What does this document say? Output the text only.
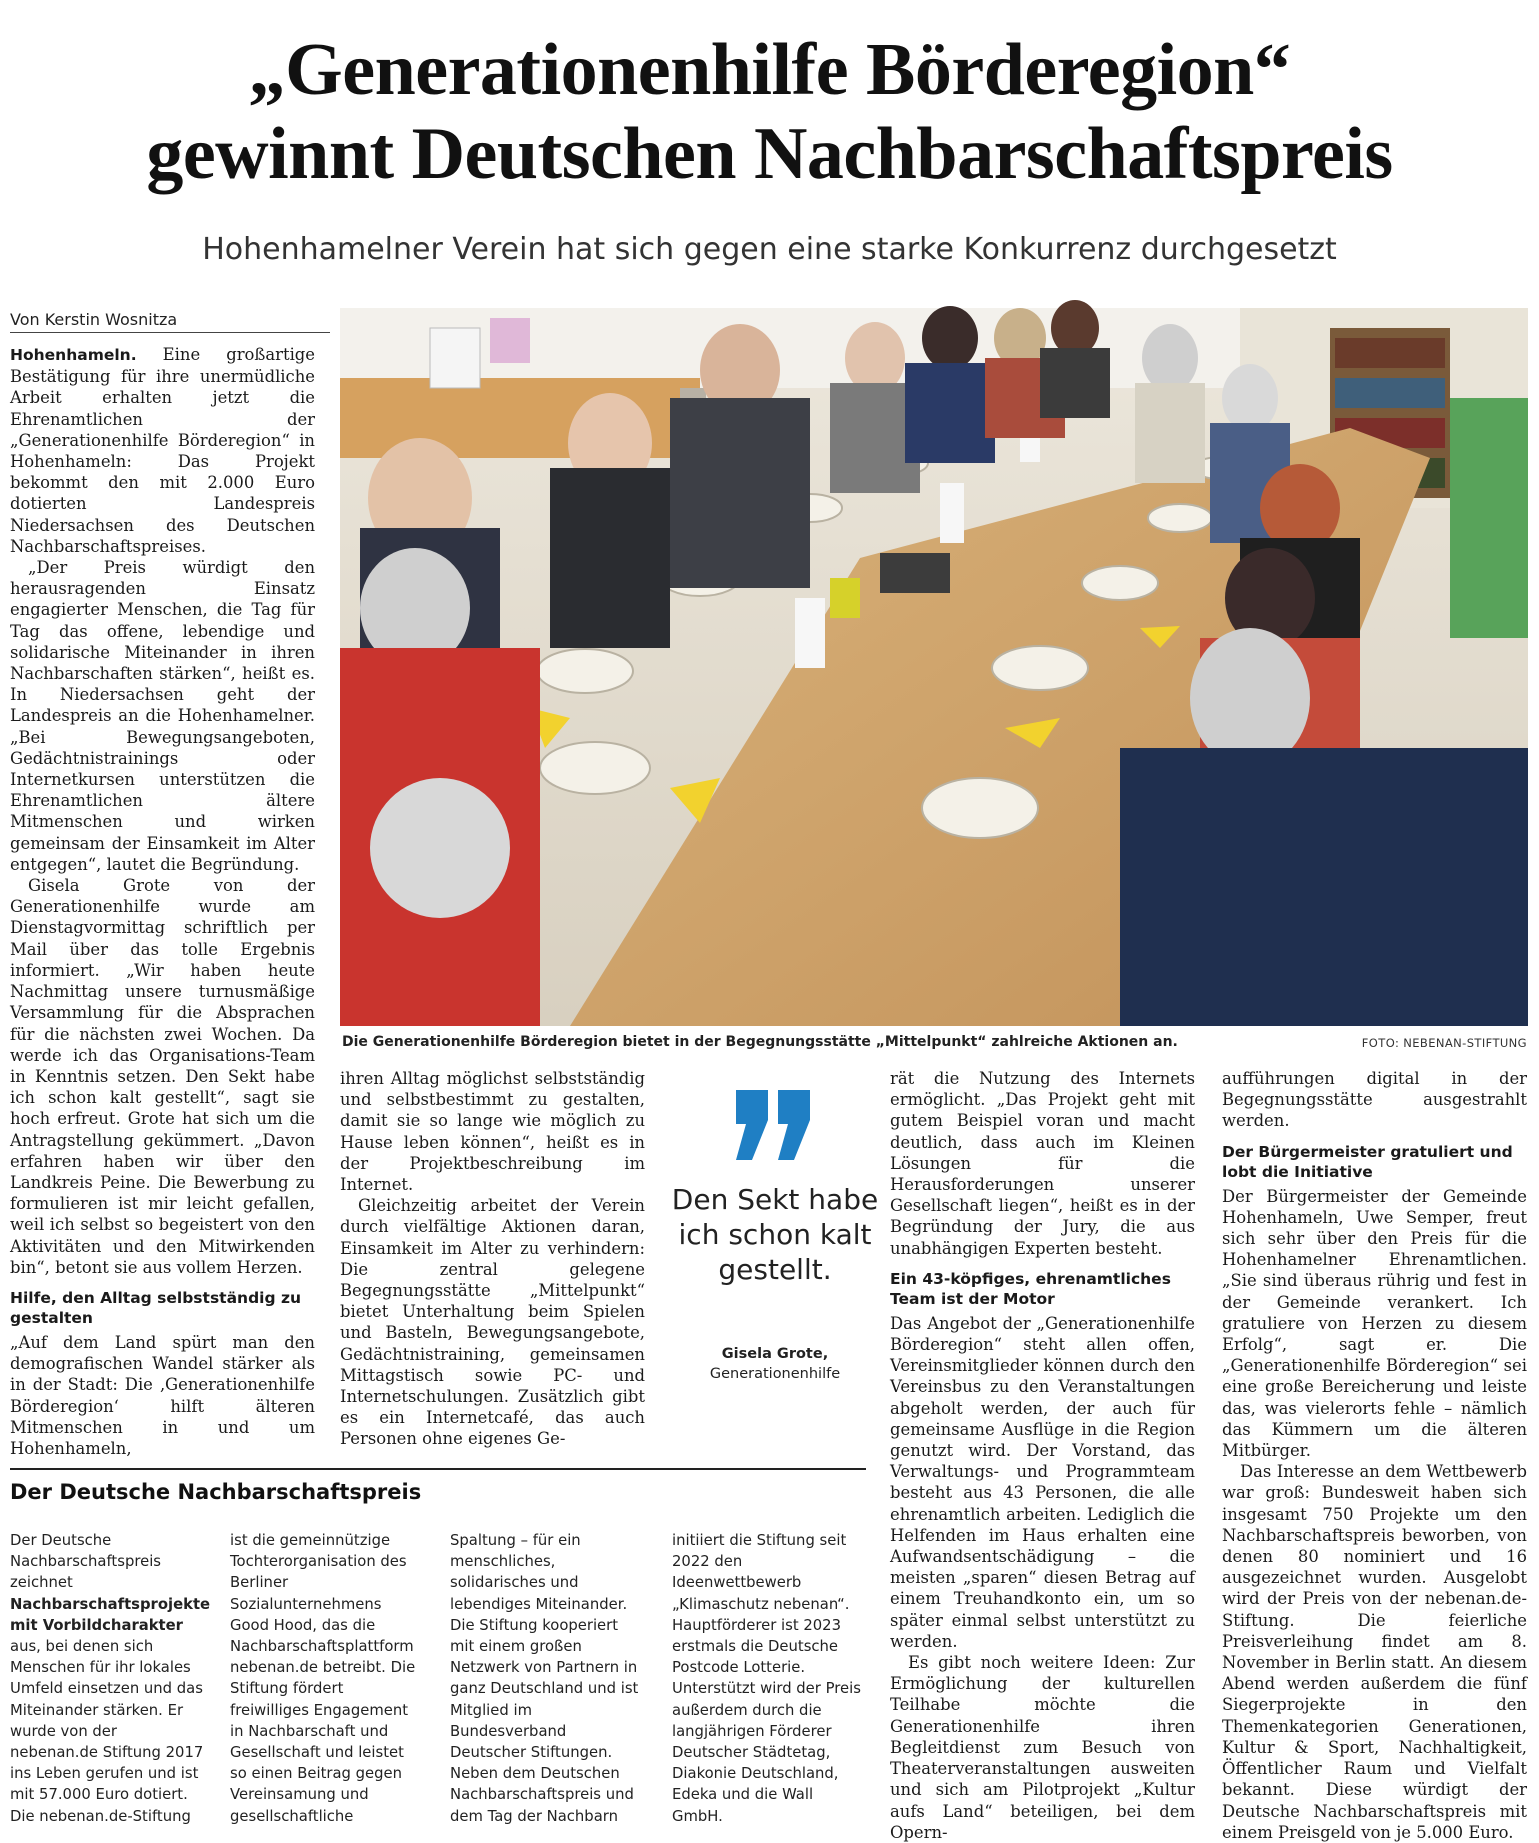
„Generationenhilfe Börderegion“
gewinnt Deutschen Nachbarschaftspreis
Hohenhamelner Verein hat sich gegen eine starke Konkurrenz durchgesetzt
Von Kerstin Wosnitza

Hohenhameln. Eine großartige Bestätigung für ihre unermüdliche Arbeit erhalten jetzt die Ehrenamtlichen der „Generationenhilfe Börderegion“ in Hohenhameln: Das Projekt bekommt den mit 2.000 Euro dotierten Landespreis Niedersachsen des Deutschen Nachbarschaftspreises.

„Der Preis würdigt den herausragenden Einsatz engagierter Menschen, die Tag für Tag das offene, lebendige und solidarische Miteinander in ihren Nachbarschaften stärken“, heißt es. In Niedersachsen geht der Landespreis an die Hohenhamelner. „Bei Bewegungsangeboten, Gedächtnistrainings oder Internetkursen unterstützen die Ehrenamtlichen ältere Mitmenschen und wirken gemeinsam der Einsamkeit im Alter entgegen“, lautet die Begründung.

Gisela Grote von der Generationenhilfe wurde am Dienstagvormittag schriftlich per Mail über das tolle Ergebnis informiert. „Wir haben heute Nachmittag unsere turnusmäßige Versammlung für die Absprachen für die nächsten zwei Wochen. Da werde ich das Organisations-Team in Kenntnis setzen. Den Sekt habe ich schon kalt gestellt“, sagt sie hoch erfreut. Grote hat sich um die Antragstellung gekümmert. „Davon erfahren haben wir über den Landkreis Peine. Die Bewerbung zu formulieren ist mir leicht gefallen, weil ich selbst so begeistert von den Aktivitäten und den Mitwirkenden bin“, betont sie aus vollem Herzen.

Hilfe, den Alltag selbstständig zu gestalten

„Auf dem Land spürt man den demografischen Wandel stärker als in der Stadt: Die ‚Generationenhilfe Börderegion‘ hilft älteren Mitmenschen in und um Hohenhameln,

Die Generationenhilfe Börderegion bietet in der Begegnungsstätte „Mittelpunkt“ zahlreiche Aktionen an.	FOTO: NEBENAN-STIFTUNG

ihren Alltag möglichst selbstständig und selbstbestimmt zu gestalten, damit sie so lange wie möglich zu Hause leben können“, heißt es in der Projektbeschreibung im Internet.

Gleichzeitig arbeitet der Verein durch vielfältige Aktionen daran, Einsamkeit im Alter zu verhindern: Die zentral gelegene Begegnungsstätte „Mittelpunkt“ bietet Unterhaltung beim Spielen und Basteln, Bewegungsangebote, Gedächtnistraining, gemeinsamen Mittagstisch sowie PC- und Internetschulungen. Zusätzlich gibt es ein Internetcafé, das auch Personen ohne eigenes Ge-

Den Sekt habe ich schon kalt gestellt.
Gisela Grote,
Generationenhilfe

rät die Nutzung des Internets ermöglicht. „Das Projekt geht mit gutem Beispiel voran und macht deutlich, dass auch im Kleinen Lösungen für die Herausforderungen unserer Gesellschaft liegen“, heißt es in der Begründung der Jury, die aus unabhängigen Experten besteht.

Ein 43-köpfiges, ehrenamtliches Team ist der Motor

Das Angebot der „Generationenhilfe Börderegion“ steht allen offen, Vereinsmitglieder können durch den Vereinsbus zu den Veranstaltungen abgeholt werden, der auch für gemeinsame Ausflüge in die Region genutzt wird. Der Vorstand, das Verwaltungs- und Programmteam besteht aus 43 Personen, die alle ehrenamtlich arbeiten. Lediglich die Helfenden im Haus erhalten eine Aufwandsentschädigung – die meisten „sparen“ diesen Betrag auf einem Treuhandkonto ein, um so später einmal selbst unterstützt zu werden.

Es gibt noch weitere Ideen: Zur Ermöglichung der kulturellen Teilhabe möchte die Generationenhilfe ihren Begleitdienst zum Besuch von Theaterveranstaltungen ausweiten und sich am Pilotprojekt „Kultur aufs Land“ beteiligen, bei dem Opern-

aufführungen digital in der Begegnungsstätte ausgestrahlt werden.

Der Bürgermeister gratuliert und lobt die Initiative

Der Bürgermeister der Gemeinde Hohenhameln, Uwe Semper, freut sich sehr über den Preis für die Hohenhamelner Ehrenamtlichen. „Sie sind überaus rührig und fest in der Gemeinde verankert. Ich gratuliere von Herzen zu diesem Erfolg“, sagt er. Die „Generationenhilfe Börderegion“ sei eine große Bereicherung und leiste das, was vielerorts fehle – nämlich das Kümmern um die älteren Mitbürger.

Das Interesse an dem Wettbewerb war groß: Bundesweit haben sich insgesamt 750 Projekte um den Nachbarschaftspreis beworben, von denen 80 nominiert und 16 ausgezeichnet wurden. Ausgelobt wird der Preis von der nebenan.de-Stiftung. Die feierliche Preisverleihung findet am 8. November in Berlin statt. An diesem Abend werden außerdem die fünf Siegerprojekte in den Themenkategorien Generationen, Kultur & Sport, Nachhaltigkeit, Öffentlicher Raum und Vielfalt bekannt. Diese würdigt der Deutsche Nachbarschaftspreis mit einem Preisgeld von je 5.000 Euro.

Der Deutsche Nachbarschaftspreis
Der Deutsche Nachbarschaftspreis zeichnet Nachbarschaftsprojekte mit Vorbildcharakter aus, bei denen sich Menschen für ihr lokales Umfeld einsetzen und das Miteinander stärken. Er wurde von der nebenan.de Stiftung 2017 ins Leben gerufen und ist mit 57.000 Euro dotiert. Die nebenan.de-Stiftung
ist die gemeinnützige Tochterorganisation des Berliner Sozialunternehmens Good Hood, das die Nachbarschaftsplattform nebenan.de betreibt. Die Stiftung fördert freiwilliges Engagement in Nachbarschaft und Gesellschaft und leistet so einen Beitrag gegen Vereinsamung und gesellschaftliche
Spaltung – für ein menschliches, solidarisches und lebendiges Miteinander. Die Stiftung kooperiert mit einem großen Netzwerk von Partnern in ganz Deutschland und ist Mitglied im Bundesverband Deutscher Stiftungen. Neben dem Deutschen Nachbarschaftspreis und dem Tag der Nachbarn
initiiert die Stiftung seit 2022 den Ideenwettbewerb „Klimaschutz nebenan“. Hauptförderer ist 2023 erstmals die Deutsche Postcode Lotterie. Unterstützt wird der Preis außerdem durch die langjährigen Förderer Deutscher Städtetag, Diakonie Deutschland, Edeka und die Wall GmbH.
